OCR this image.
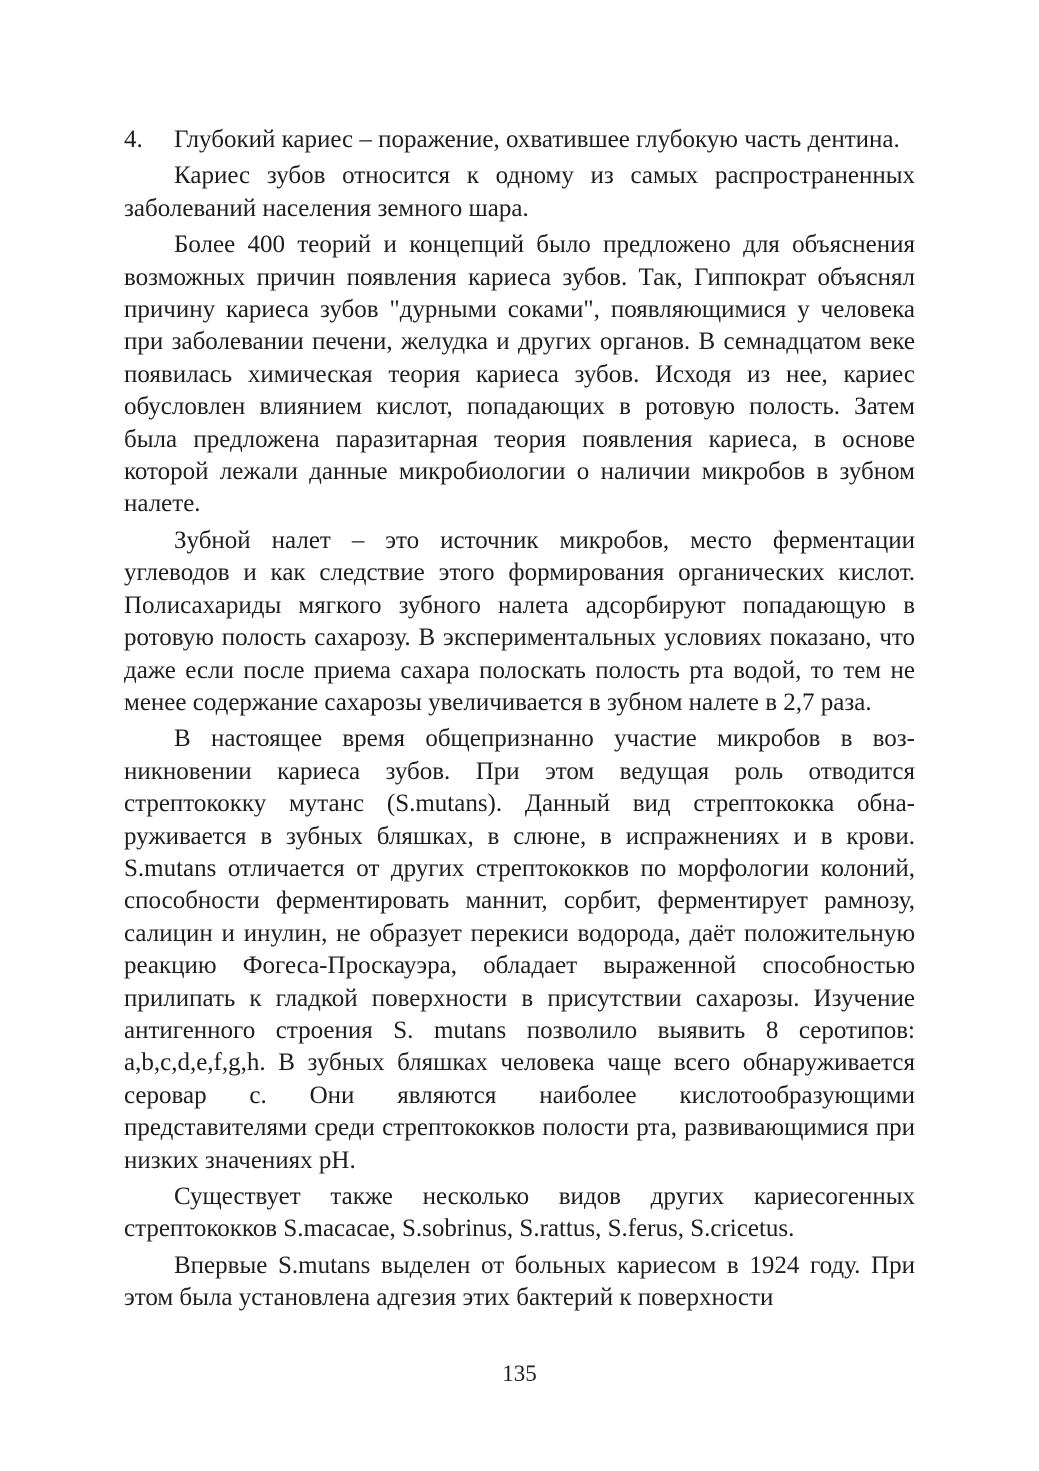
4.	Глубокий кариес – поражение, охватившее глубокую часть дентина.

Кариес зубов относится к одному из самых распространенных заболеваний населения земного шара.

Более 400 теорий и концепций было предложено для объяснения возможных причин появления кариеса зубов. Так, Гиппократ объяснял причину кариеса зубов "дурными соками", появляющимися у человека при заболевании печени, желудка и других органов. В семнадцатом веке появилась химическая теория кариеса зубов. Исходя из нее, кариес обусловлен влиянием кислот, попадающих в ротовую полость. Затем была предложена паразитарная теория появления кариеса, в основе которой лежали данные микробиологии о наличии микробов в зубном налете.

Зубной налет – это источник микробов, место ферментации углеводов и как следствие этого формирования органических кислот. Полисахариды мягкого зубного налета адсорбируют попадающую в ротовую полость сахарозу. В экспериментальных условиях показано, что даже если после приема сахара полоскать полость рта водой, то тем не менее содержание сахарозы увеличивается в зубном налете в 2,7 раза.

В настоящее время общепризнанно участие микробов в возникновении кариеса зубов. При этом ведущая роль отводится стрептококку мутанс (S.mutans). Данный вид стрептококка обнаруживается в зубных бляшках, в слюне, в испражнениях и в крови. S.mutans отличается от других стрептококков по морфологии колоний, способности ферментировать маннит, сорбит, ферментирует рамнозу, салицин и инулин, не образует перекиси водорода, даёт положительную реакцию Фогеса-Проскауэра, обладает выраженной способностью прилипать к гладкой поверхности в присутствии сахарозы. Изучение антигенного строения S. mutans позволило выявить 8 серотипов: a,b,c,d,e,f,g,h. В зубных бляшках человека чаще всего обнаруживается серовар c. Они являются наиболее кислотообразующими представителями среди стрептококков полости рта, развивающимися при низких значениях pH.

Существует также несколько видов других кариесогенных стрептококков S.macacae, S.sobrinus, S.rattus, S.ferus, S.cricetus.

Впервые S.mutans выделен от больных кариесом в 1924 году. При этом была установлена адгезия этих бактерий к поверхности

135
